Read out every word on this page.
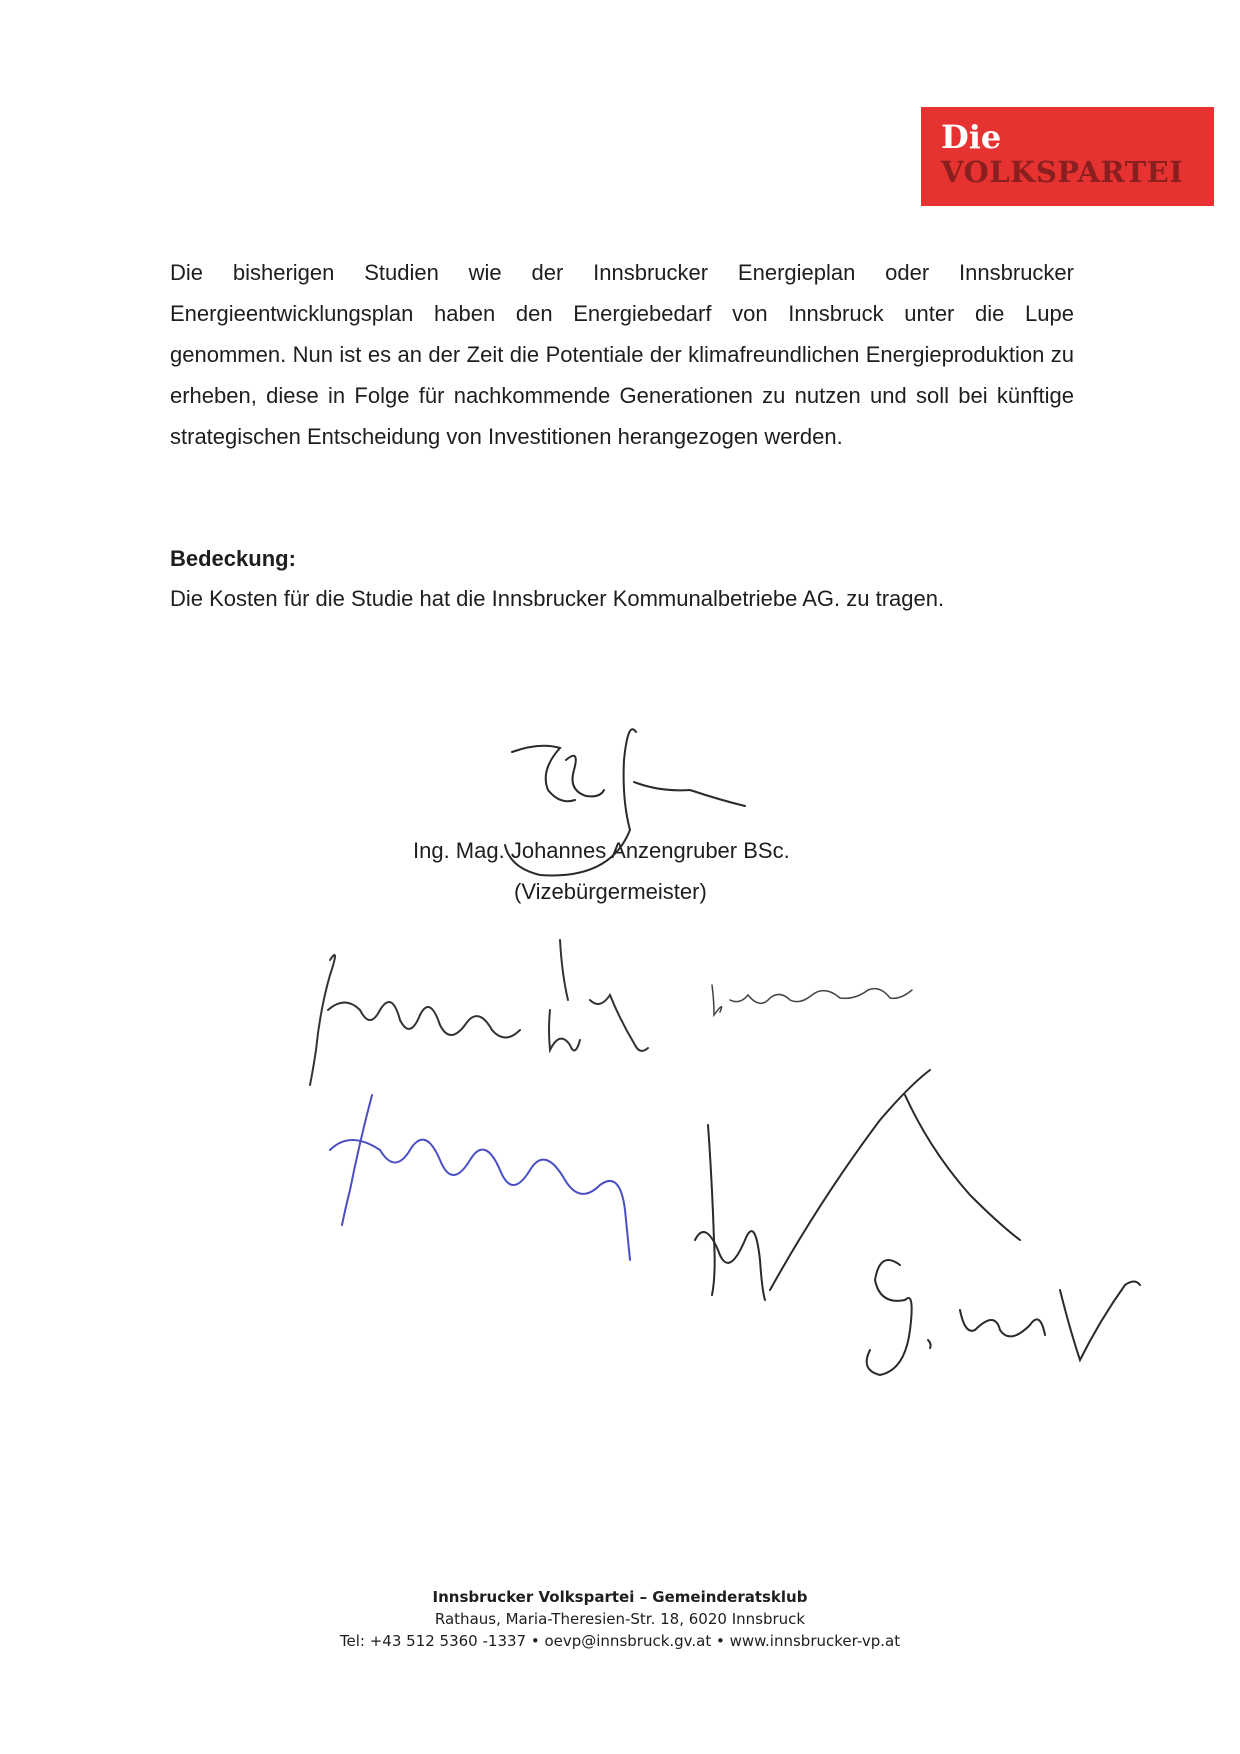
Die
VOLKSPARTEI

Die bisherigen Studien wie der Innsbrucker Energieplan oder Innsbrucker Energieentwicklungsplan haben den Energiebedarf von Innsbruck unter die Lupe genommen. Nun ist es an der Zeit die Potentiale der klimafreundlichen Energieproduktion zu erheben, diese in Folge für nachkommende Generationen zu nutzen und soll bei künftige strategischen Entscheidung von Investitionen herangezogen werden.

Bedeckung:

Die Kosten für die Studie hat die Innsbrucker Kommunalbetriebe AG. zu tragen.

Ing. Mag. Johannes Anzengruber BSc.

(Vizebürgermeister)

Innsbrucker Volkspartei – Gemeinderatsklub
Rathaus, Maria-Theresien-Str. 18, 6020 Innsbruck
Tel: +43 512 5360 -1337 • oevp@innsbruck.gv.at • www.innsbrucker-vp.at
